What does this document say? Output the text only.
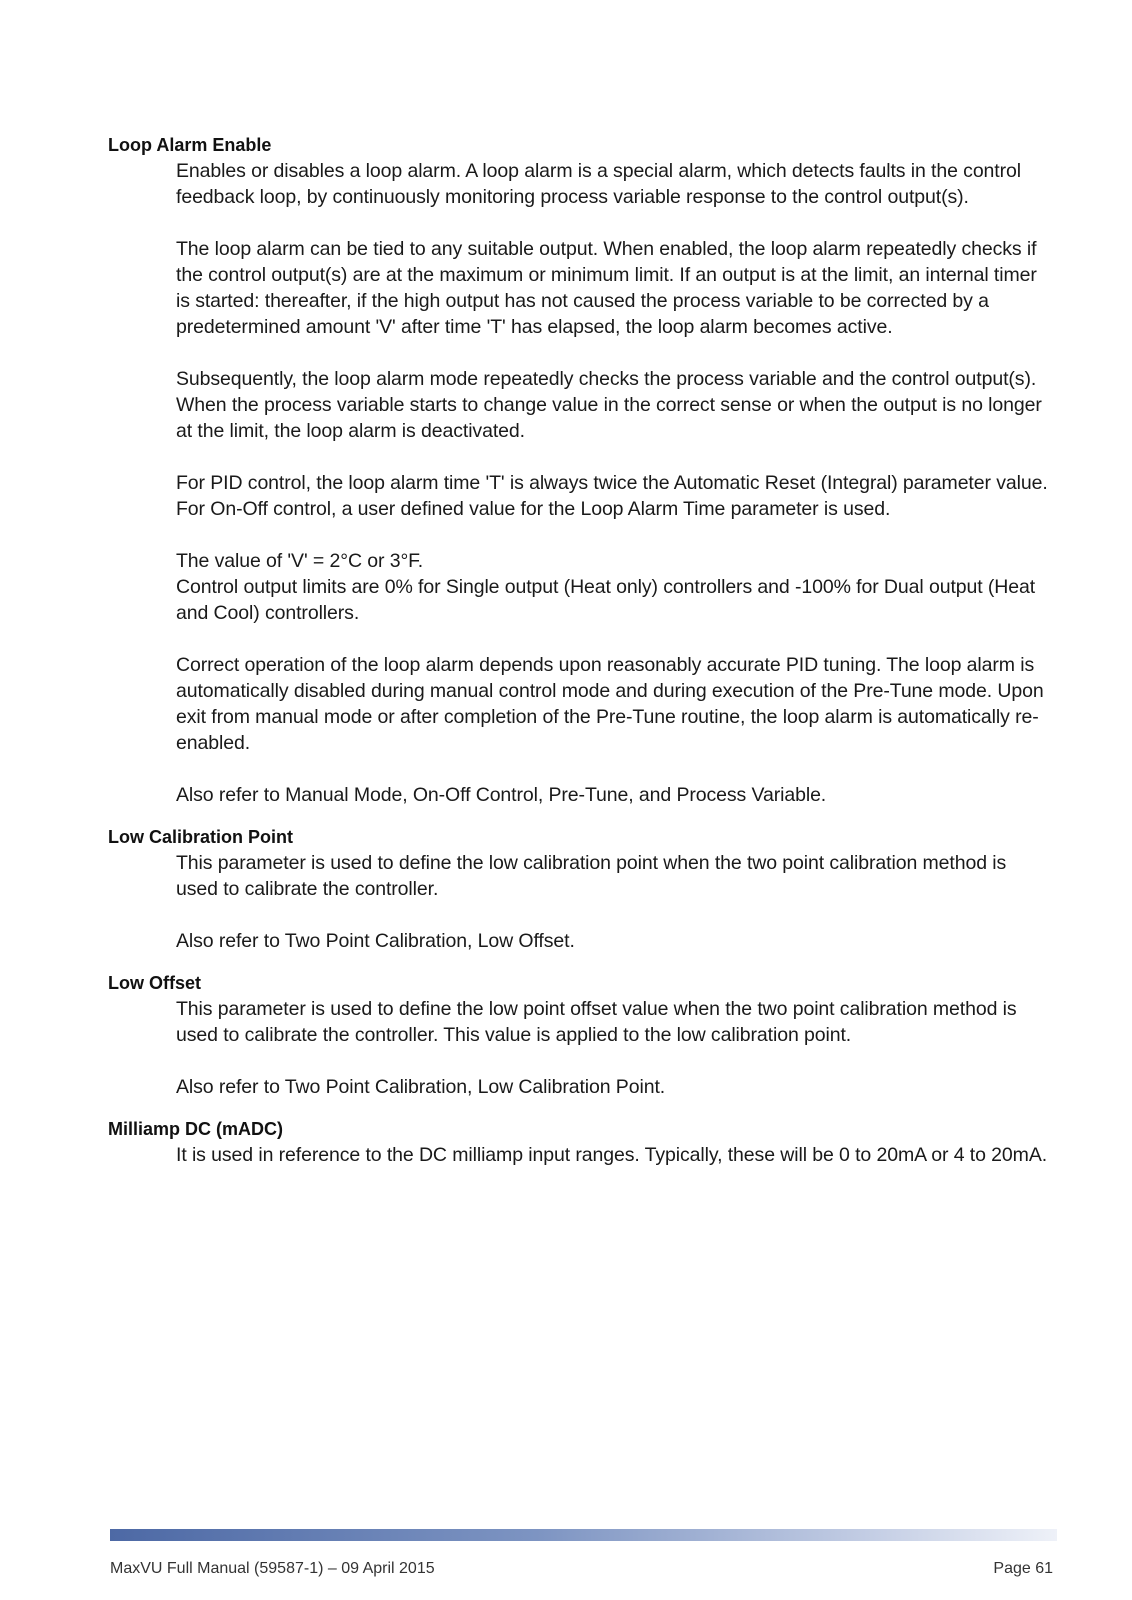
Loop Alarm Enable

Enables or disables a loop alarm. A loop alarm is a special alarm, which detects faults in the control feedback loop, by continuously monitoring process variable response to the control output(s).

The loop alarm can be tied to any suitable output. When enabled, the loop alarm repeatedly checks if the control output(s) are at the maximum or minimum limit. If an output is at the limit, an internal timer is started: thereafter, if the high output has not caused the process variable to be corrected by a predetermined amount 'V' after time 'T' has elapsed, the loop alarm becomes active.

Subsequently, the loop alarm mode repeatedly checks the process variable and the control output(s). When the process variable starts to change value in the correct sense or when the output is no longer at the limit, the loop alarm is deactivated.

For PID control, the loop alarm time 'T' is always twice the Automatic Reset (Integral) parameter value.
For On-Off control, a user defined value for the Loop Alarm Time parameter is used.

The value of 'V' = 2°C or 3°F.
Control output limits are 0% for Single output (Heat only) controllers and -100% for Dual output (Heat and Cool) controllers.

Correct operation of the loop alarm depends upon reasonably accurate PID tuning. The loop alarm is automatically disabled during manual control mode and during execution of the Pre-Tune mode. Upon exit from manual mode or after completion of the Pre-Tune routine, the loop alarm is automatically re-enabled.

Also refer to Manual Mode, On-Off Control, Pre-Tune, and Process Variable.

Low Calibration Point

This parameter is used to define the low calibration point when the two point calibration method is used to calibrate the controller.

Also refer to Two Point Calibration, Low Offset.

Low Offset

This parameter is used to define the low point offset value when the two point calibration method is used to calibrate the controller. This value is applied to the low calibration point.

Also refer to Two Point Calibration, Low Calibration Point.

Milliamp DC (mADC)

It is used in reference to the DC milliamp input ranges. Typically, these will be 0 to 20mA or 4 to 20mA.

MaxVU Full Manual (59587-1) – 09 April 2015	Page 61
